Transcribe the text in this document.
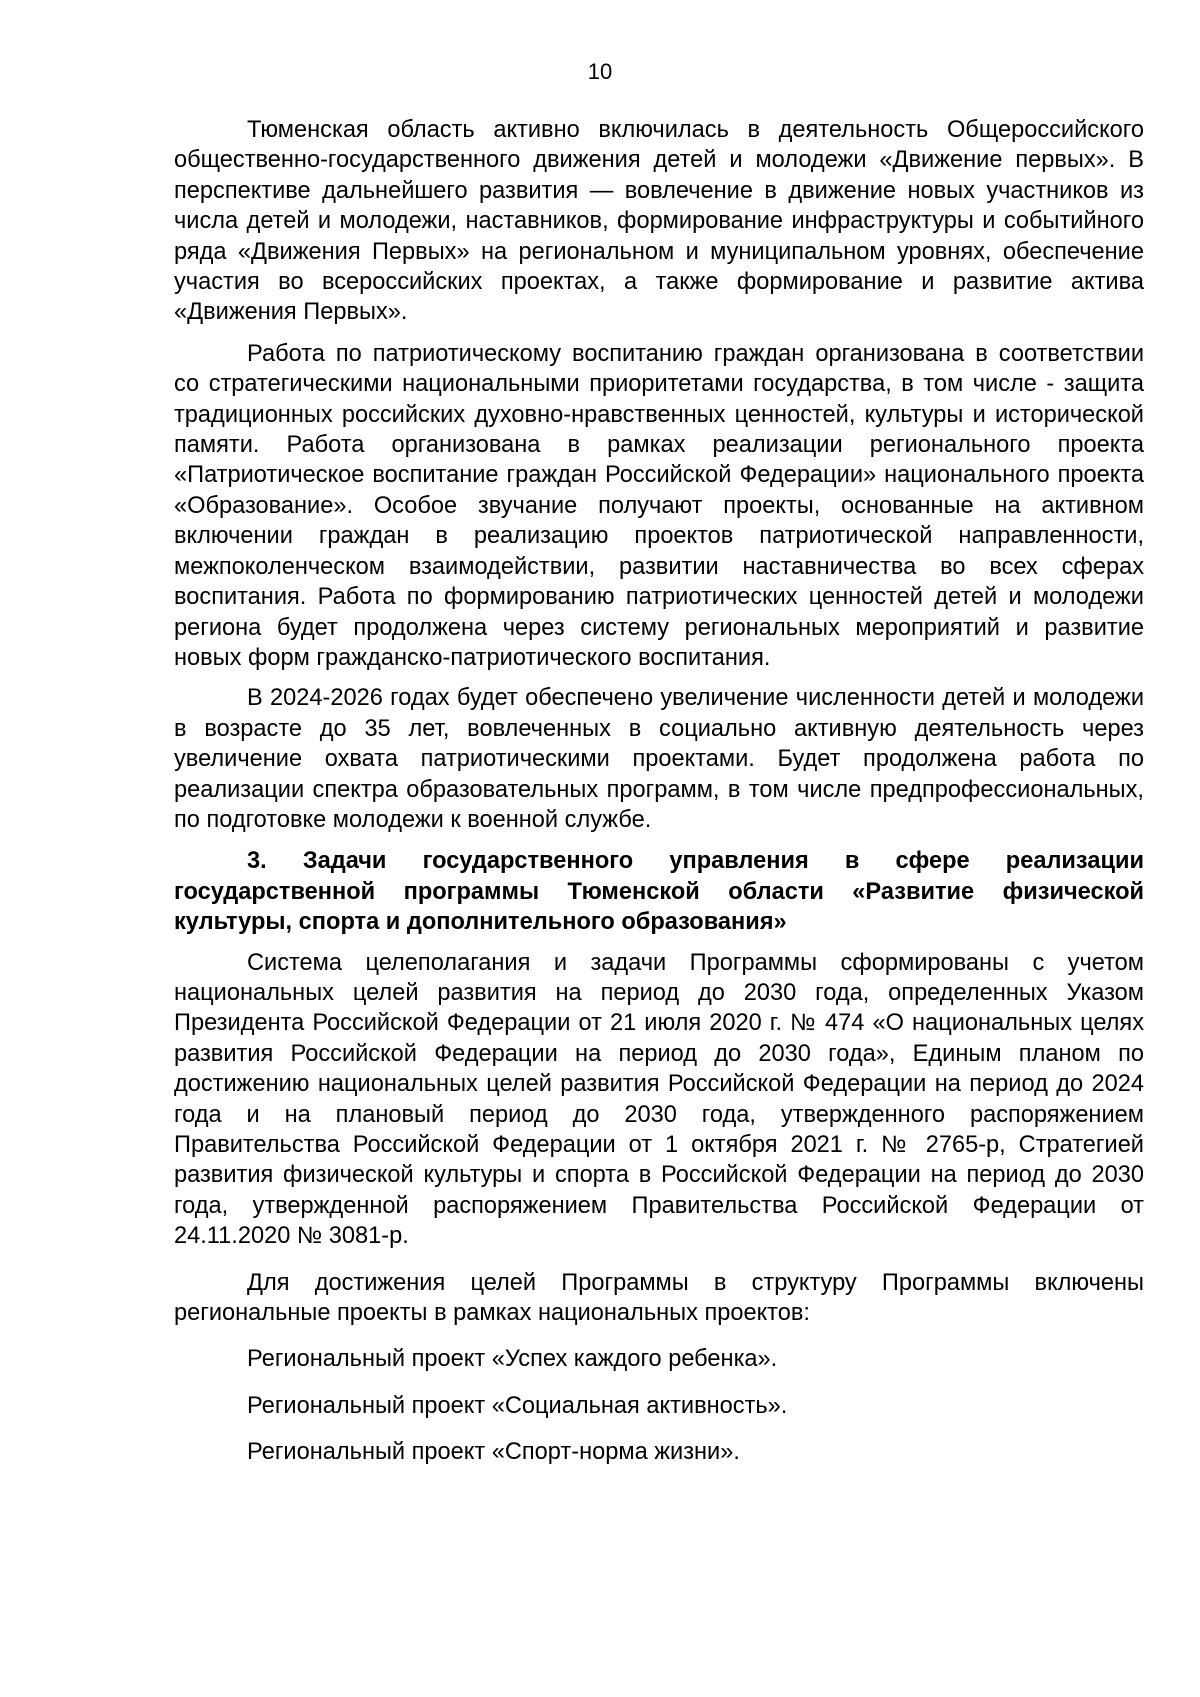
10

Тюменская область активно включилась в деятельность Общероссийского общественно-государственного движения детей и молодежи «Движение первых». В перспективе дальнейшего развития — вовлечение в движение новых участников из числа детей и молодежи, наставников, формирование инфраструктуры и событийного ряда «Движения Первых» на региональном и муниципальном уровнях, обеспечение участия во всероссийских проектах, а также формирование и развитие актива «Движения Первых».

Работа по патриотическому воспитанию граждан организована в соответствии со стратегическими национальными приоритетами государства, в том числе - защита традиционных российских духовно-нравственных ценностей, культуры и исторической памяти. Работа организована в рамках реализации регионального проекта «Патриотическое воспитание граждан Российской Федерации» национального проекта «Образование». Особое звучание получают проекты, основанные на активном включении граждан в реализацию проектов патриотической направленности, межпоколенческом взаимодействии, развитии наставничества во всех сферах воспитания. Работа по формированию патриотических ценностей детей и молодежи региона будет продолжена через систему региональных мероприятий и развитие новых форм гражданско-патриотического воспитания.

В 2024-2026 годах будет обеспечено увеличение численности детей и молодежи в возрасте до 35 лет, вовлеченных в социально активную деятельность через увеличение охвата патриотическими проектами. Будет продолжена работа по реализации спектра образовательных программ, в том числе предпрофессиональных, по подготовке молодежи к военной службе.

3. Задачи государственного управления в сфере реализации государственной программы Тюменской области «Развитие физической культуры, спорта и дополнительного образования»

Система целеполагания и задачи Программы сформированы с учетом национальных целей развития на период до 2030 года, определенных Указом Президента Российской Федерации от 21 июля 2020 г. № 474 «О национальных целях развития Российской Федерации на период до 2030 года», Единым планом по достижению национальных целей развития Российской Федерации на период до 2024 года и на плановый период до 2030 года, утвержденного распоряжением Правительства Российской Федерации от 1 октября 2021 г. № 2765-р, Стратегией развития физической культуры и спорта в Российской Федерации на период до 2030 года, утвержденной распоряжением Правительства Российской Федерации от 24.11.2020 № 3081-р.

Для достижения целей Программы в структуру Программы включены региональные проекты в рамках национальных проектов:

Региональный проект «Успех каждого ребенка».

Региональный проект «Социальная активность».

Региональный проект «Спорт-норма жизни».
